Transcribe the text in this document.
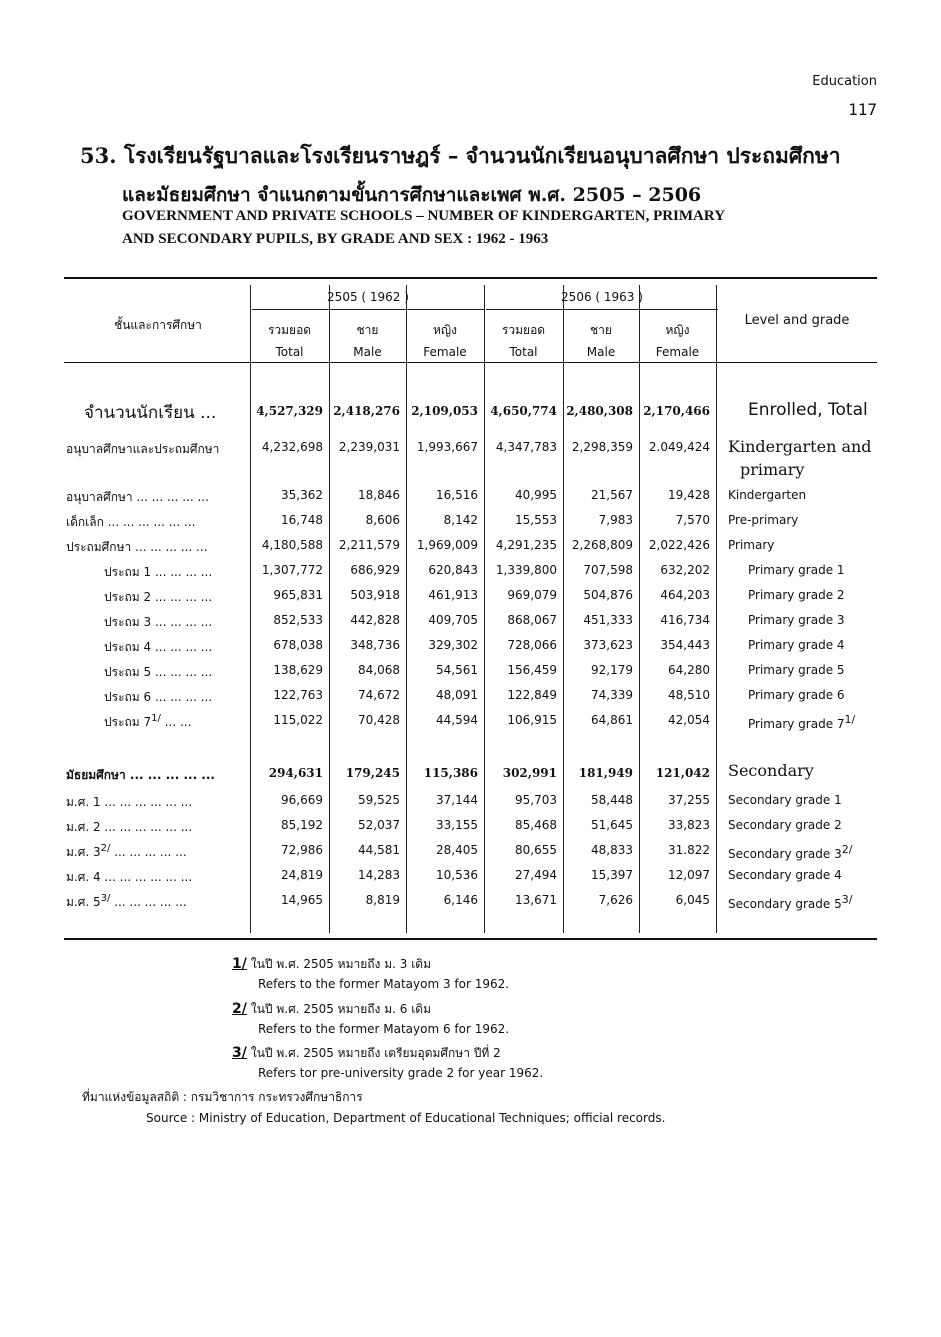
Education
117
53. โรงเรียนรัฐบาลและโรงเรียนราษฎร์ – จำนวนนักเรียนอนุบาลศึกษา ประถมศึกษา
และมัธยมศึกษา จำแนกตามขั้นการศึกษาและเพศ พ.ศ. 2505 – 2506
GOVERNMENT AND PRIVATE SCHOOLS – NUMBER OF KINDERGARTEN, PRIMARY
AND SECONDARY PUPILS, BY GRADE AND SEX : 1962 - 1963
2505 ( 1962 )	2506 ( 1963 )
รวมยอด
Total
ชาย
Male
หญิง
Female
รวมยอด
Total
ชาย
Male
หญิง
Female
ชั้นและการศึกษา	Level and grade
จำนวนนักเรียน ...	4,527,329 2,418,276 2,109,053	4,650,774 2,480,308 2,170,466 Enrolled, Total
อนุบาลศึกษาและประถมศึกษา	4,232,698	2,239,031	1,993,667	4,347,783	2,298,359	2.049,424 Kindergarten and
primary
อนุบาลศึกษา ... ... ... ... ...	35,362	18,846	16,516	40,995	21,567	19,428 Kindergarten
เด็กเล็ก ... ... ... ... ... ...	16,748	8,606	8,142	15,553	7,983	7,570 Pre-primary
ประถมศึกษา ... ... ... ... ...	4,180,588	2,211,579	1,969,009	4,291,235	2,268,809	2,022,426 Primary
ประถม 1 ... ... ... ...	1,307,772	686,929	620,843	1,339,800	707,598	632,202	Primary grade 1
ประถม 2 ... ... ... ...	965,831	503,918	461,913	969,079	504,876	464,203	Primary grade 2
ประถม 3 ... ... ... ...	852,533	442,828	409,705	868,067	451,333	416,734	Primary grade 3
ประถม 4 ... ... ... ...	678,038	348,736	329,302	728,066	373,623	354,443	Primary grade 4
ประถม 5 ... ... ... ...	138,629	84,068	54,561	156,459	92,179	64,280	Primary grade 5
ประถม 6 ... ... ... ...	122,763	74,672	48,091	122,849	74,339	48,510	Primary grade 6
ประถม $7^{1/}$ ... ...	115,022	70,428	44,594	106,915	64,861	42,054	Primary grade $7^{1/}$
มัธยมศึกษา ... ... ... ... ...	294,631	179,245	115,386	302,991	181,949	121,042 Secondary
ม.ศ. 1 ... ... ... ... ... ...	96,669	59,525	37,144	95,703	58,448	37,255 Secondary grade 1
ม.ศ. 2 ... ... ... ... ... ...	85,192	52,037	33,155	85,468	51,645	33,823 Secondary grade 2
ม.ศ. $3^{2/}$ ... ... ... ... ...	72,986	44,581	28,405	80,655	48,833	31.822 Secondary grade $3^{2/}$
ม.ศ. 4 ... ... ... ... ... ...	24,819	14,283	10,536	27,494	15,397	12,097 Secondary grade 4
ม.ศ. $5^{3/}$ ... ... ... ... ...	14,965	8,819	6,146	13,671	7,626	6,045 Secondary grade $5^{3/}$
1/ ในปี พ.ศ. 2505 หมายถึง ม. 3 เดิม
Refers to the former Matayom 3 for 1962.
2/ ในปี พ.ศ. 2505 หมายถึง ม. 6 เดิม
Refers to the former Matayom 6 for 1962.
3/ ในปี พ.ศ. 2505 หมายถึง เตรียมอุดมศึกษา ปีที่ 2
Refers tor pre-university grade 2 for year 1962.
ที่มาแห่งข้อมูลสถิติ : กรมวิชาการ กระทรวงศึกษาธิการ
Source : Ministry of Education, Department of Educational Techniques; official records.
